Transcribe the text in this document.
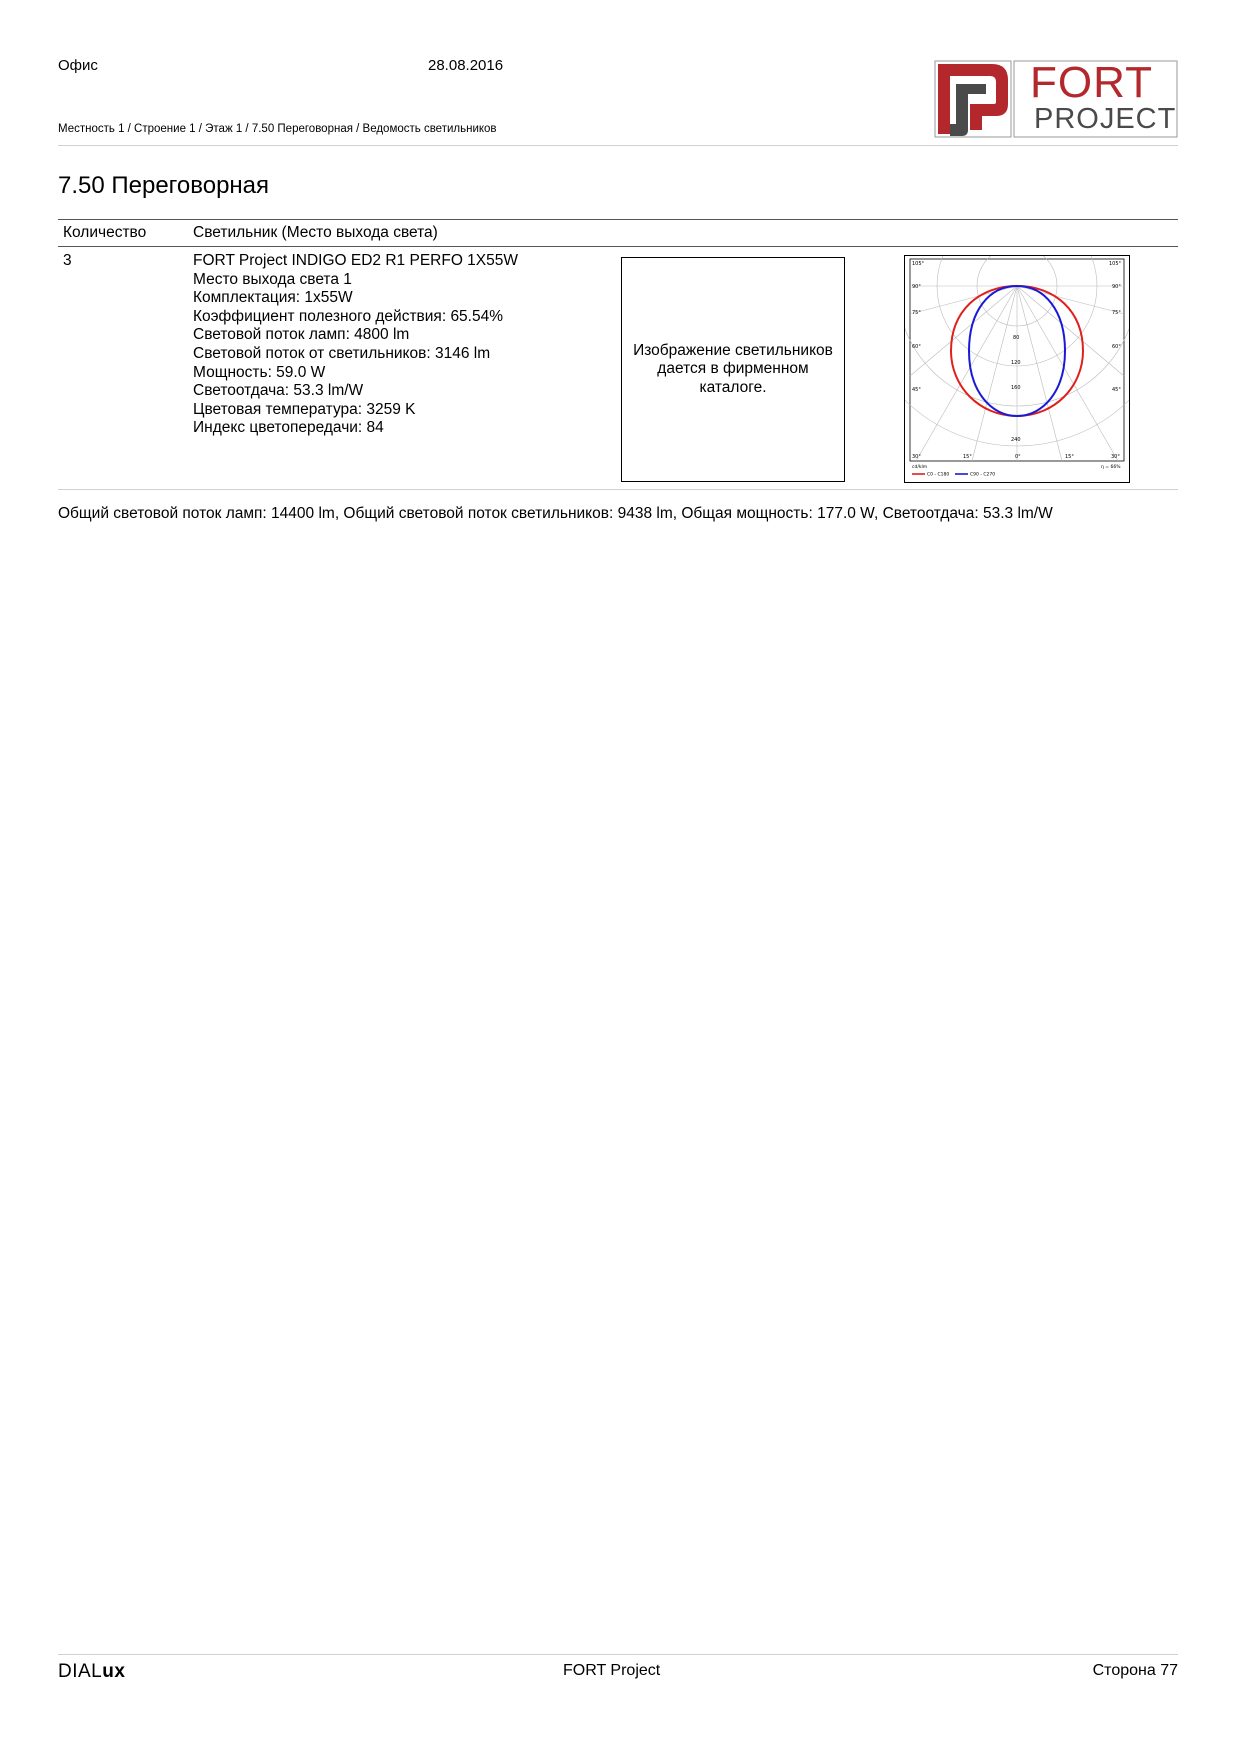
Офис	28.08.2016	FORT
PROJECT
Местность 1 / Строение 1 / Этаж 1 / 7.50 Переговорная / Ведомость светильников
7.50 Переговорная
Количество	Светильник (Место выхода света)
3	FORT Project INDIGO ED2 R1 PERFO 1X55W
Место выхода света 1
Комплектация: 1x55W
Коэффициент полезного действия: 65.54%
Световой поток ламп: 4800 lm
Световой поток от светильников: 3146 lm
Мощность: 59.0 W
Светоотдача: 53.3 lm/W
Цветовая температура: 3259 K
Индекс цветопередачи: 84
Изображение светильников дается в фирменном каталоге.
105°	105°
90°	90°
75°	75°
60°	60°
45°	45°
80
120
160
240
30°	15°	0°	15°	30°
cd/klm
C0 - C180	C90 - C270
η = 66%
Общий световой поток ламп: 14400 lm, Общий световой поток светильников: 9438 lm, Общая мощность: 177.0 W, Светоотдача: 53.3 lm/W
DIALux	FORT Project	Сторона 77
